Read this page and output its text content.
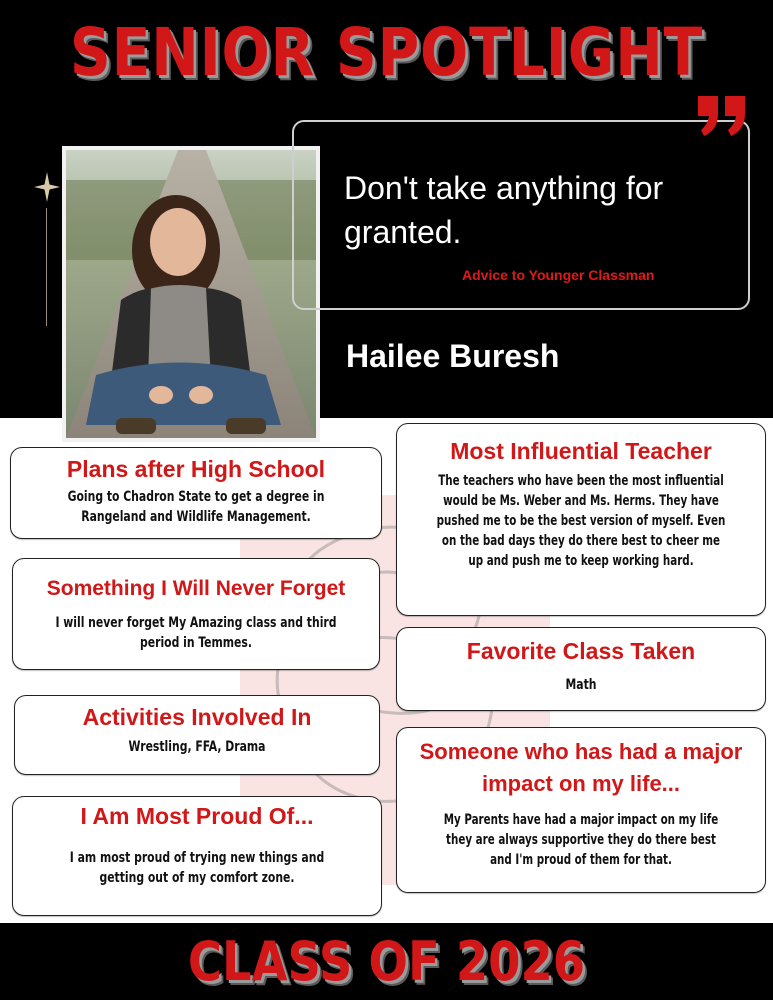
SENIOR SPOTLIGHT
Don't take anything for granted.
Advice to Younger Classman
Hailee Buresh
Plans after High School
Going to Chadron State to get a degree in Rangeland and Wildlife Management.
Something I Will Never Forget
I will never forget My Amazing class and third period in Temmes.
Activities Involved In
Wrestling, FFA, Drama
I Am Most Proud Of...
I am most proud of trying new things and getting out of my comfort zone.
Most Influential Teacher
The teachers who have been the most influential would be Ms. Weber and Ms. Herms. They have pushed me to be the best version of myself. Even on the bad days they do there best to cheer me up and push me to keep working hard.
Favorite Class Taken
Math
Someone who has had a major impact on my life...
My Parents have had a major impact on my life they are always supportive they do there best and I'm proud of them for that.
CLASS OF 2026
